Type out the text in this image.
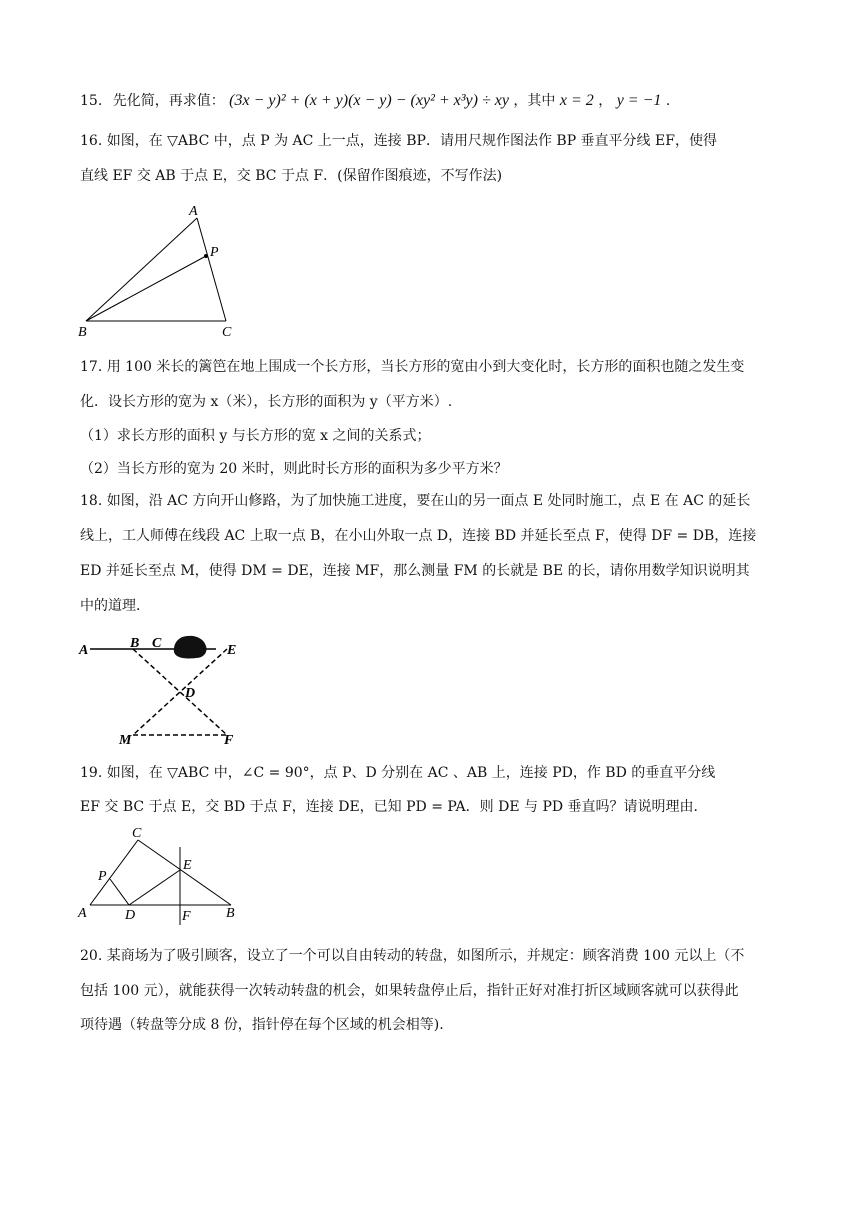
15. 先化简，再求值： (3x − y)² + (x + y)(x − y) − (xy² + x³y) ÷ xy ，其中 x = 2 ， y = −1 .
16. 如图，在 ▽ABC 中，点 P 为 AC 上一点，连接 BP．请用尺规作图法作 BP 垂直平分线 EF，使得
直线 EF 交 AB 于点 E，交 BC 于点 F．(保留作图痕迹，不写作法)
A
P
B	C
17. 用 100 米长的篱笆在地上围成一个长方形，当长方形的宽由小到大变化时，长方形的面积也随之发生变
化．设长方形的宽为 x（米），长方形的面积为 y（平方米）.
（1）求长方形的面积 y 与长方形的宽 x 之间的关系式；
（2）当长方形的宽为 20 米时，则此时长方形的面积为多少平方米？
18. 如图，沿 AC 方向开山修路，为了加快施工进度，要在山的另一面点 E 处同时施工，点 E 在 AC 的延长
线上，工人师傅在线段 AC 上取一点 B，在小山外取一点 D，连接 BD 并延长至点 F，使得 DF = DB，连接
ED 并延长至点 M，使得 DM = DE，连接 MF，那么测量 FM 的长就是 BE 的长，请你用数学知识说明其
中的道理．
A	B C	E
D
M	F
19. 如图，在 ▽ABC 中，∠C = 90°，点 P、D 分别在 AC 、AB 上，连接 PD，作 BD 的垂直平分线
EF 交 BC 于点 E，交 BD 于点 F，连接 DE，已知 PD = PA．则 DE 与 PD 垂直吗？请说明理由．
C
P
E
A	D	F	B
20. 某商场为了吸引顾客，设立了一个可以自由转动的转盘，如图所示，并规定：顾客消费 100 元以上（不
包括 100 元），就能获得一次转动转盘的机会，如果转盘停止后，指针正好对准打折区域顾客就可以获得此
项待遇（转盘等分成 8 份，指针停在每个区域的机会相等).
